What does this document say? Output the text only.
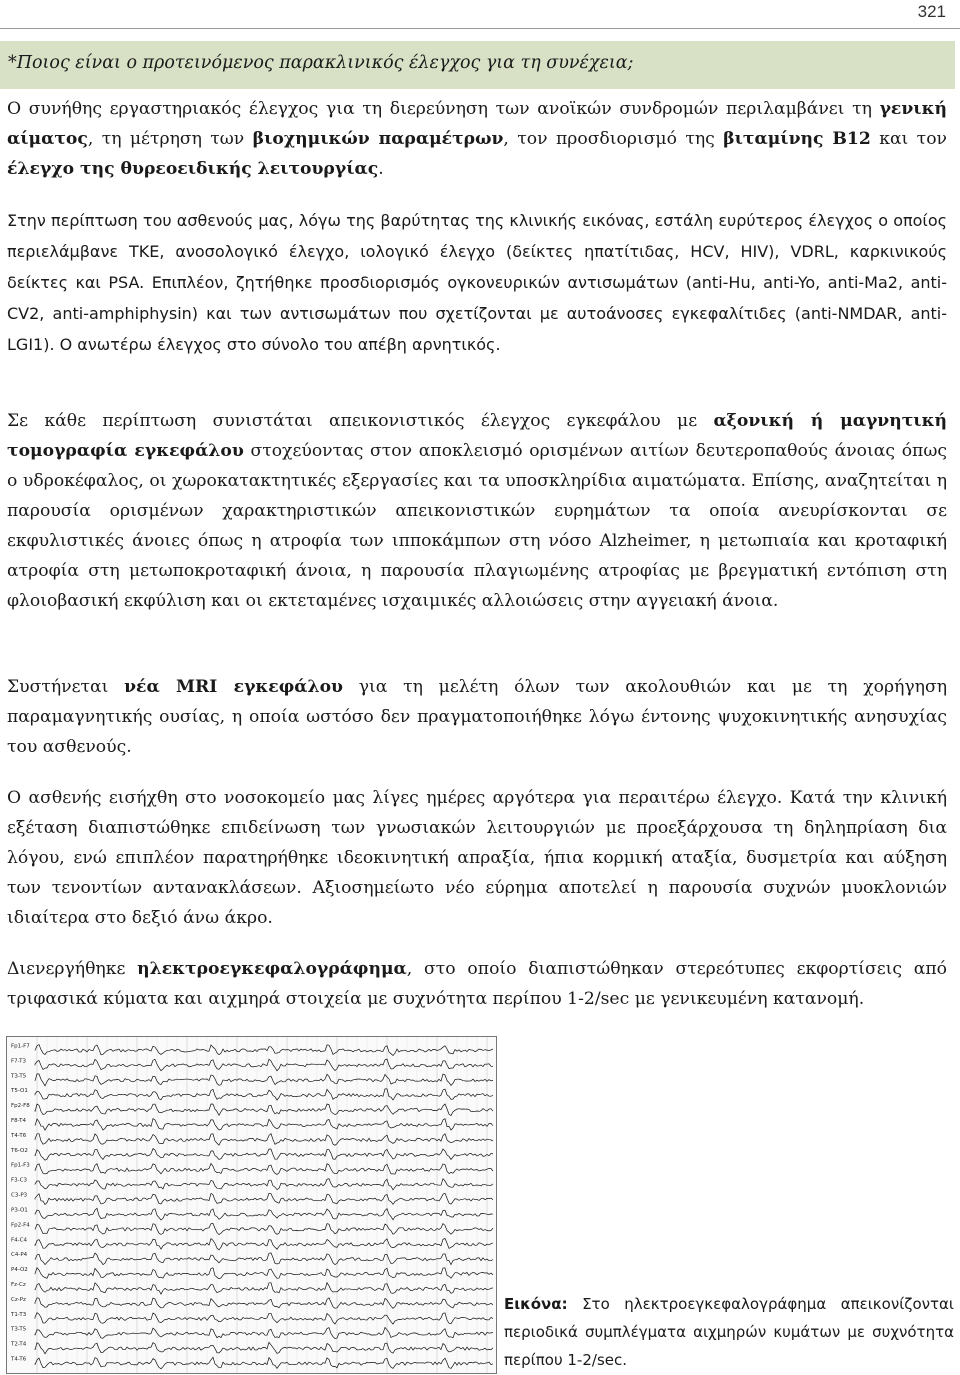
321
*Ποιος είναι ο προτεινόμενος παρακλινικός έλεγχος για τη συνέχεια;
Ο συνήθης εργαστηριακός έλεγχος για τη διερεύνηση των ανοϊκών συνδρομών περιλαμβάνει τη γενική αίματος, τη μέτρηση των βιοχημικών παραμέτρων, τον προσδιορισμό της βιταμίνης Β12 και τον έλεγχο της θυρεοειδικής λειτουργίας.
Στην περίπτωση του ασθενούς μας, λόγω της βαρύτητας της κλινικής εικόνας, εστάλη ευρύτερος έλεγχος ο οποίος περιελάμβανε ΤΚΕ, ανοσολογικό έλεγχο, ιολογικό έλεγχο (δείκτες ηπατίτιδας, HCV, HIV), VDRL, καρκινικούς δείκτες και PSA. Επιπλέον, ζητήθηκε προσδιορισμός ογκονευρικών αντισωμάτων (anti-Hu, anti-Yo, anti-Ma2, anti-CV2, anti-amphiphysin) και των αντισωμάτων που σχετίζονται με αυτοάνοσες εγκεφαλίτιδες (anti-NMDAR, anti-LGI1). Ο ανωτέρω έλεγχος στο σύνολο του απέβη αρνητικός.
Σε κάθε περίπτωση συνιστάται απεικονιστικός έλεγχος εγκεφάλου με αξονική ή μαγνητική τομογραφία εγκεφάλου στοχεύοντας στον αποκλεισμό ορισμένων αιτίων δευτεροπαθούς άνοιας όπως ο υδροκέφαλος, οι χωροκατακτητικές εξεργασίες και τα υποσκληρίδια αιματώματα. Επίσης, αναζητείται η παρουσία ορισμένων χαρακτηριστικών απεικονιστικών ευρημάτων τα οποία ανευρίσκονται σε εκφυλιστικές άνοιες όπως η ατροφία των ιπποκάμπων στη νόσο Alzheimer, η μετωπιαία και κροταφική ατροφία στη μετωποκροταφική άνοια, η παρουσία πλαγιωμένης ατροφίας με βρεγματική εντόπιση στη φλοιοβασική εκφύλιση και οι εκτεταμένες ισχαιμικές αλλοιώσεις στην αγγειακή άνοια.
Συστήνεται νέα MRI εγκεφάλου για τη μελέτη όλων των ακολουθιών και με τη χορήγηση παραμαγνητικής ουσίας, η οποία ωστόσο δεν πραγματοποιήθηκε λόγω έντονης ψυχοκινητικής ανησυχίας του ασθενούς.
Ο ασθενής εισήχθη στο νοσοκομείο μας λίγες ημέρες αργότερα για περαιτέρω έλεγχο. Κατά την κλινική εξέταση διαπιστώθηκε επιδείνωση των γνωσιακών λειτουργιών με προεξάρχουσα τη δηληπρίαση δια λόγου, ενώ επιπλέον παρατηρήθηκε ιδεοκινητική απραξία, ήπια κορμική αταξία, δυσμετρία και αύξηση των τενοντίων αντανακλάσεων. Αξιοσημείωτο νέο εύρημα αποτελεί η παρουσία συχνών μυοκλονιών ιδιαίτερα στο δεξιό άνω άκρο.
Διενεργήθηκε ηλεκτροεγκεφαλογράφημα, στο οποίο διαπιστώθηκαν στερεότυπες εκφορτίσεις από τριφασικά κύματα και αιχμηρά στοιχεία με συχνότητα περίπου 1-2/sec με γενικευμένη κατανομή.
Fp1-F7
F7-T3
T3-T5
T5-O1
Fp2-F8
F8-T4
T4-T6
T6-O2
Fp1-F3
F3-C3
C3-P3
P3-O1
Fp2-F4
F4-C4
C4-P4
P4-O2
Fz-Cz
Cz-Pz
T1-T3
T3-T5
T2-T4
T4-T6
Εικόνα: Στο ηλεκτροεγκεφαλογράφημα απεικονίζονται περιοδικά συμπλέγματα αιχμηρών κυμάτων με συχνότητα περίπου 1-2/sec.
